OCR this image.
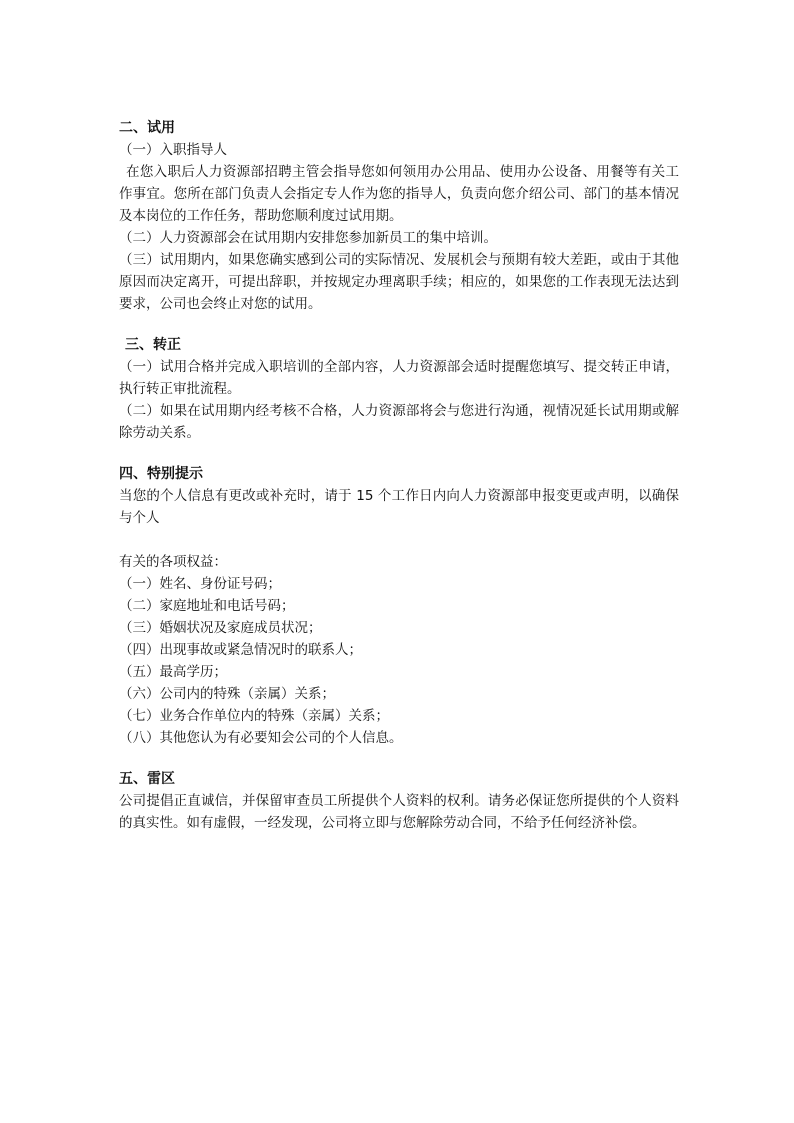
二、试用
（一）入职指导人
在您入职后人力资源部招聘主管会指导您如何领用办公用品、使用办公设备、用餐等有关工作事宜。您所在部门负责人会指定专人作为您的指导人，负责向您介绍公司、部门的基本情况及本岗位的工作任务，帮助您顺利度过试用期。
（二）人力资源部会在试用期内安排您参加新员工的集中培训。
（三）试用期内，如果您确实感到公司的实际情况、发展机会与预期有较大差距，或由于其他原因而决定离开，可提出辞职，并按规定办理离职手续；相应的，如果您的工作表现无法达到要求，公司也会终止对您的试用。
三、转正
（一）试用合格并完成入职培训的全部内容，人力资源部会适时提醒您填写、提交转正申请，执行转正审批流程。
（二）如果在试用期内经考核不合格，人力资源部将会与您进行沟通，视情况延长试用期或解除劳动关系。
四、特别提示
当您的个人信息有更改或补充时，请于 15 个工作日内向人力资源部申报变更或声明，以确保与个人
有关的各项权益：
（一）姓名、身份证号码；
（二）家庭地址和电话号码；
（三）婚姻状况及家庭成员状况；
（四）出现事故或紧急情况时的联系人；
（五）最高学历；
（六）公司内的特殊（亲属）关系；
（七）业务合作单位内的特殊（亲属）关系；
（八）其他您认为有必要知会公司的个人信息。
五、雷区
公司提倡正直诚信，并保留审查员工所提供个人资料的权利。请务必保证您所提供的个人资料的真实性。如有虚假，一经发现，公司将立即与您解除劳动合同，不给予任何经济补偿。
